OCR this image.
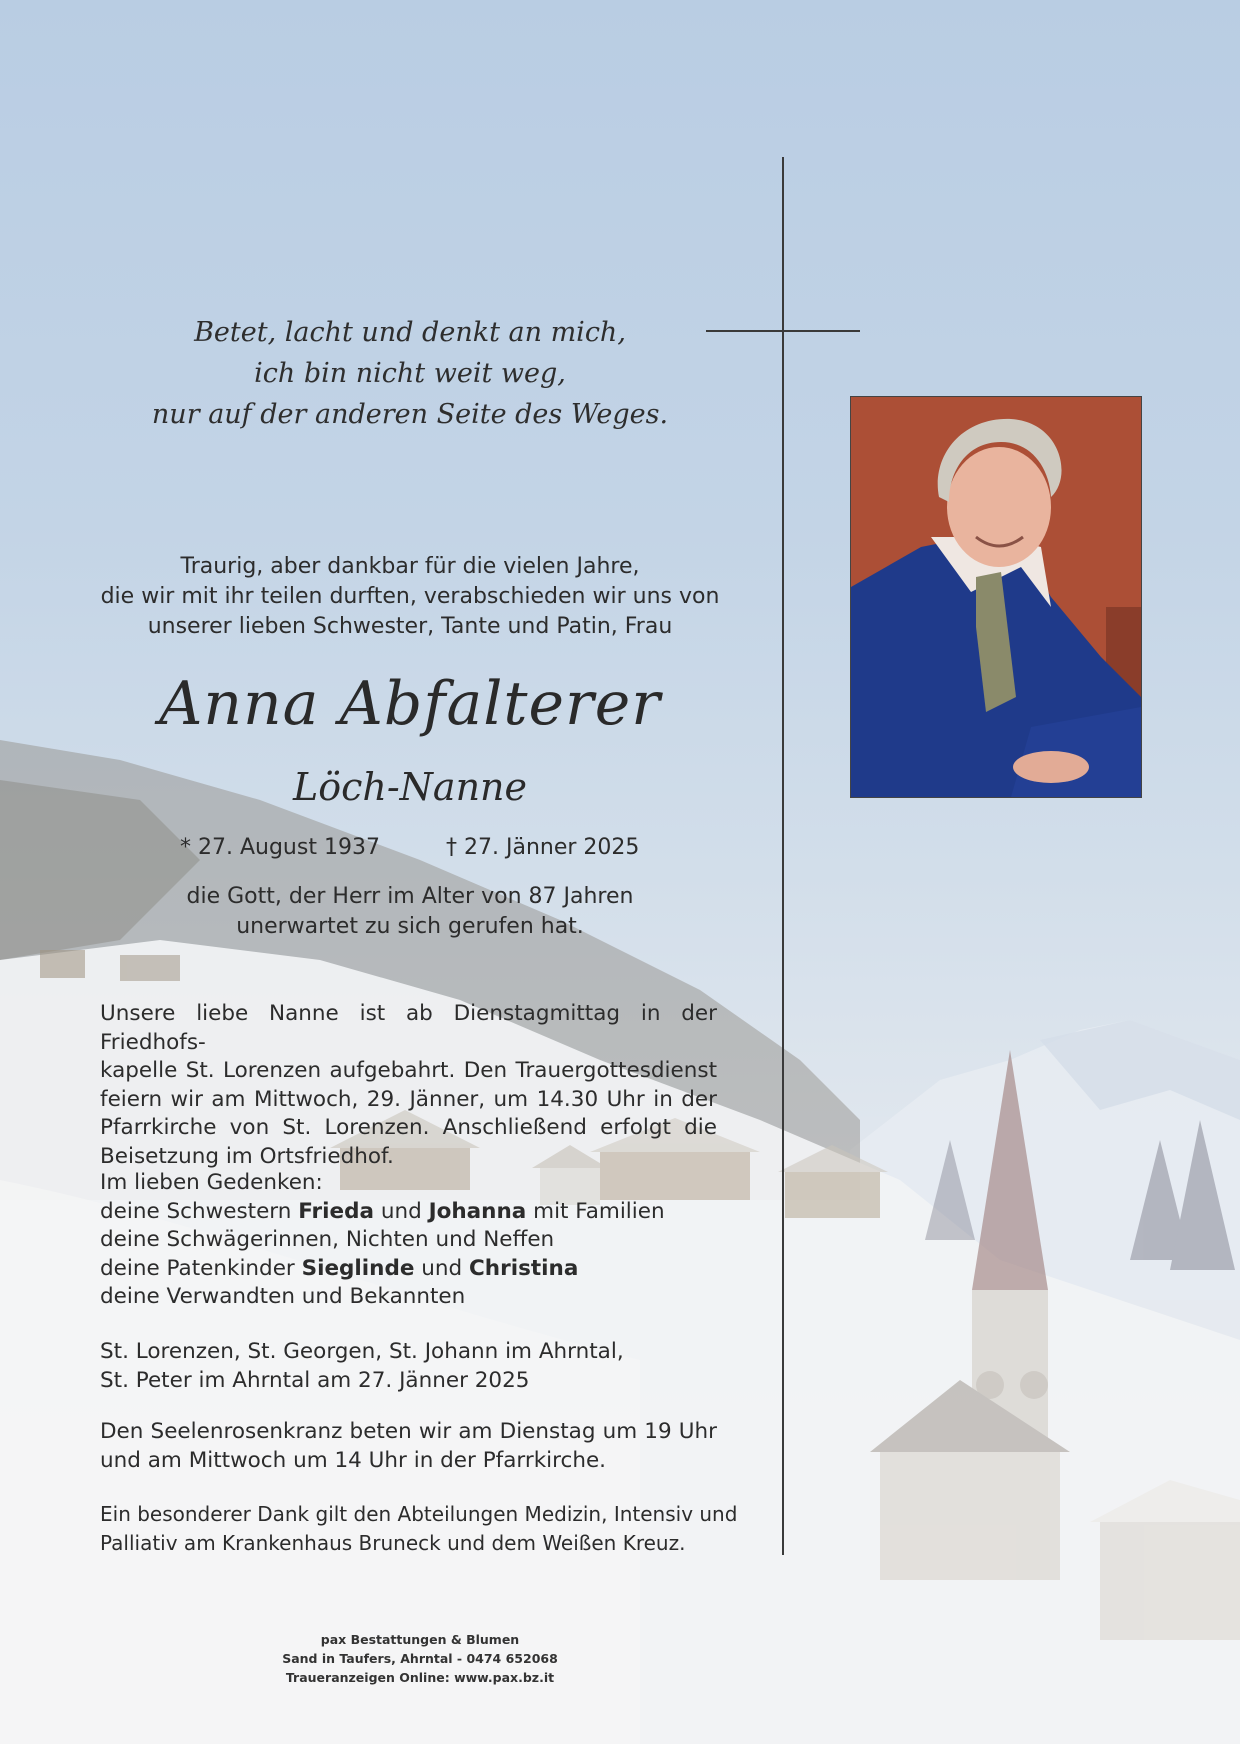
Betet, lacht und denkt an mich,
ich bin nicht weit weg,
nur auf der anderen Seite des Weges.
Traurig, aber dankbar für die vielen Jahre,
die wir mit ihr teilen durften, verabschieden wir uns von
unserer lieben Schwester, Tante und Patin, Frau
Anna Abfalterer
Löch-Nanne
* 27. August 1937	† 27. Jänner 2025
die Gott, der Herr im Alter von 87 Jahren
unerwartet zu sich gerufen hat.
Unsere liebe Nanne ist ab Dienstagmittag in der Friedhofs-
kapelle St. Lorenzen aufgebahrt. Den Trauergottesdienst
feiern wir am Mittwoch, 29. Jänner, um 14.30 Uhr in der
Pfarrkirche von St. Lorenzen. Anschließend erfolgt die
Beisetzung im Ortsfriedhof.
Im lieben Gedenken:
deine Schwestern Frieda und Johanna mit Familien
deine Schwägerinnen, Nichten und Neffen
deine Patenkinder Sieglinde und Christina
deine Verwandten und Bekannten
St. Lorenzen, St. Georgen, St. Johann im Ahrntal,
St. Peter im Ahrntal am 27. Jänner 2025
Den Seelenrosenkranz beten wir am Dienstag um 19 Uhr
und am Mittwoch um 14 Uhr in der Pfarrkirche.
Ein besonderer Dank gilt den Abteilungen Medizin, Intensiv und
Palliativ am Krankenhaus Bruneck und dem Weißen Kreuz.
pax Bestattungen & Blumen
Sand in Taufers, Ahrntal - 0474 652068
Traueranzeigen Online: www.pax.bz.it
